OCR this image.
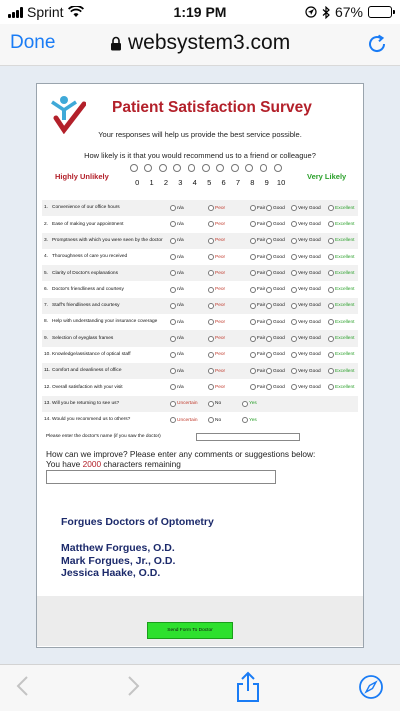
Sprint	1:19 PM	67%
Done	websystem3.com
Patient Satisfaction Survey
Your responses will help us provide the best service possible.
How likely is it that you would recommend us to a friend or colleague?
0	1	2	3	4	5	6	7	8	9	10
Highly Unlikely	Very Likely
1. Convenience of our office hours	n/a	Peor	Fair Good	Very Good	Excellent
2. Ease of making your appointment	n/a	Peor	Fair Good	Very Good	Excellent
3. Promptness with which you were seen by the doctor	n/a	Peor	Fair Good	Very Good	Excellent
4. Thoroughness of care you received	n/a	Peor	Fair Good	Very Good	Excellent
5. Clarity of Doctor's explanations	n/a	Peor	Fair Good	Very Good	Excellent
6. Doctor's friendliness and courtesy	n/a	Peor	Fair Good	Very Good	Excellent
7. Staff's friendliness and courtesy	n/a	Peor	Fair Good	Very Good	Excellent
8. Help with understanding your insurance coverage	n/a	Peor	Fair Good	Very Good	Excellent
9. Selection of eyeglass frames	n/a	Peor	Fair Good	Very Good	Excellent
10. Knowledge/assistance of optical staff	n/a	Peor	Fair Good	Very Good	Excellent
11. Comfort and cleanliness of office	n/a	Peor	Fair Good	Very Good	Excellent
12. Overall satisfaction with your visit	n/a	Peor	Fair Good	Very Good	Excellent
13. Will you be returning to see us?	Uncertain	No	Yes
14. Would you recommend us to others?	Uncertain	No	Yes
Please enter the doctor's name (if you saw the doctor)
How can we improve? Please enter any comments or suggestions below:
You have 2000 characters remaining
Forgues Doctors of Optometry
Matthew Forgues, O.D.
Mark Forgues, Jr., O.D.
Jessica Haake, O.D.
Send Form To Doctor
